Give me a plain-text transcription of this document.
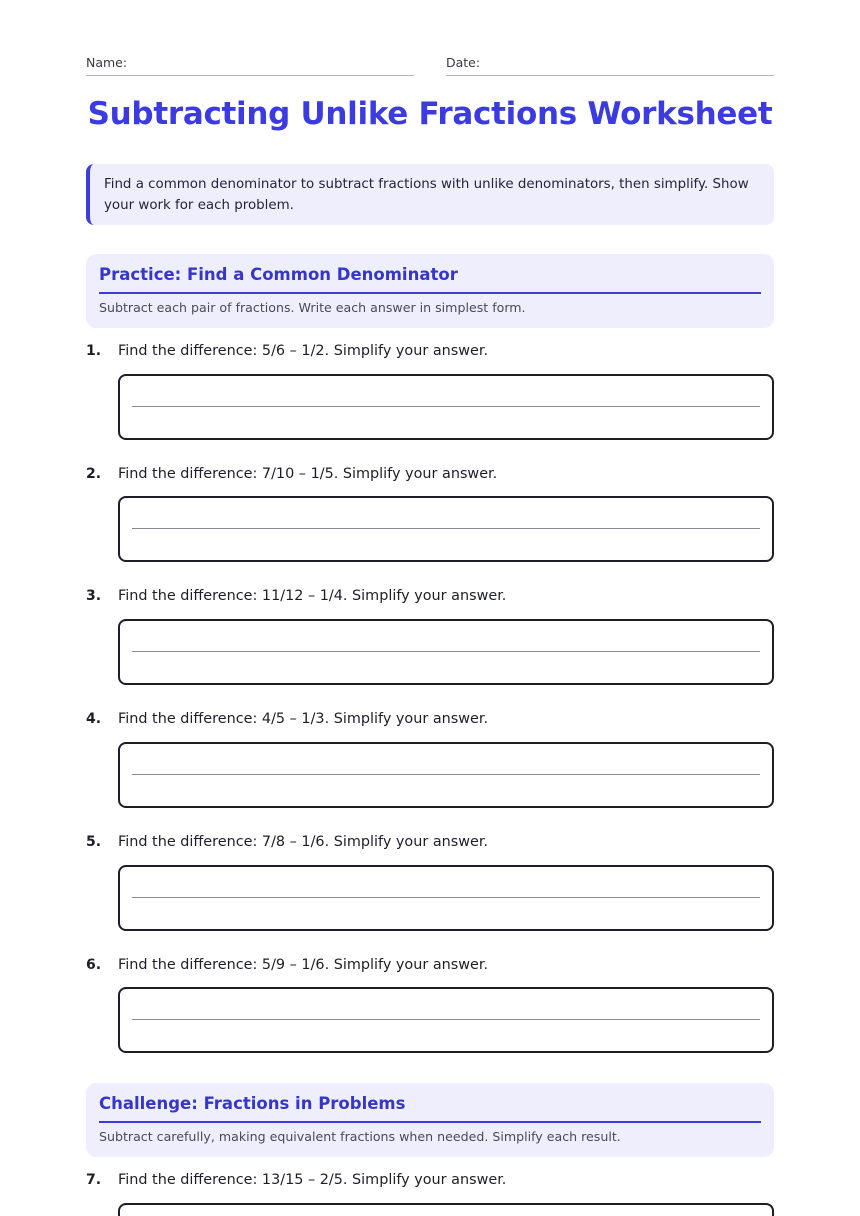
Name:	Date:
Subtracting Unlike Fractions Worksheet
Find a common denominator to subtract fractions with unlike denominators, then simplify. Show your work for each problem.
Practice: Find a Common Denominator
Subtract each pair of fractions. Write each answer in simplest form.
1. Find the difference: 5/6 – 1/2. Simplify your answer.
2. Find the difference: 7/10 – 1/5. Simplify your answer.
3. Find the difference: 11/12 – 1/4. Simplify your answer.
4. Find the difference: 4/5 – 1/3. Simplify your answer.
5. Find the difference: 7/8 – 1/6. Simplify your answer.
6. Find the difference: 5/9 – 1/6. Simplify your answer.
Challenge: Fractions in Problems
Subtract carefully, making equivalent fractions when needed. Simplify each result.
7. Find the difference: 13/15 – 2/5. Simplify your answer.
